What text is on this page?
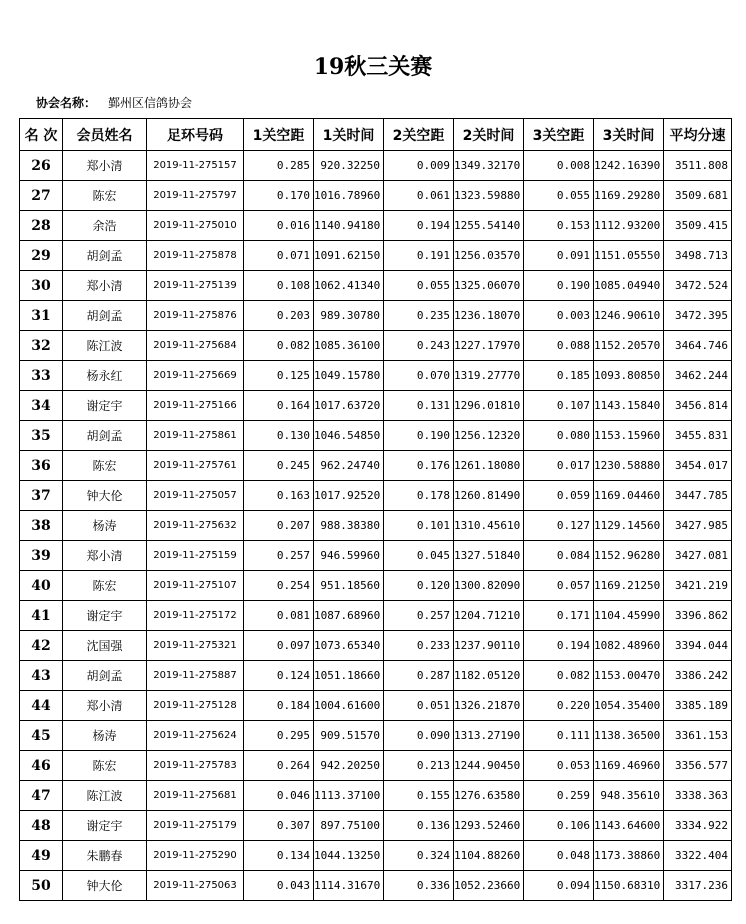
19秋三关赛
协会名称： 鄞州区信鸽协会
名 次	会员姓名	足环号码	1关空距	1关时间	2关空距	2关时间	3关空距	3关时间	平均分速
26	郑小清	2019-11-275157	0.285	920.32250	0.009	1349.32170	0.008	1242.16390	3511.808
27	陈宏	2019-11-275797	0.170	1016.78960	0.061	1323.59880	0.055	1169.29280	3509.681
28	余浩	2019-11-275010	0.016	1140.94180	0.194	1255.54140	0.153	1112.93200	3509.415
29	胡剑孟	2019-11-275878	0.071	1091.62150	0.191	1256.03570	0.091	1151.05550	3498.713
30	郑小清	2019-11-275139	0.108	1062.41340	0.055	1325.06070	0.190	1085.04940	3472.524
31	胡剑孟	2019-11-275876	0.203	989.30780	0.235	1236.18070	0.003	1246.90610	3472.395
32	陈江波	2019-11-275684	0.082	1085.36100	0.243	1227.17970	0.088	1152.20570	3464.746
33	杨永红	2019-11-275669	0.125	1049.15780	0.070	1319.27770	0.185	1093.80850	3462.244
34	谢定宇	2019-11-275166	0.164	1017.63720	0.131	1296.01810	0.107	1143.15840	3456.814
35	胡剑孟	2019-11-275861	0.130	1046.54850	0.190	1256.12320	0.080	1153.15960	3455.831
36	陈宏	2019-11-275761	0.245	962.24740	0.176	1261.18080	0.017	1230.58880	3454.017
37	钟大伦	2019-11-275057	0.163	1017.92520	0.178	1260.81490	0.059	1169.04460	3447.785
38	杨涛	2019-11-275632	0.207	988.38380	0.101	1310.45610	0.127	1129.14560	3427.985
39	郑小清	2019-11-275159	0.257	946.59960	0.045	1327.51840	0.084	1152.96280	3427.081
40	陈宏	2019-11-275107	0.254	951.18560	0.120	1300.82090	0.057	1169.21250	3421.219
41	谢定宇	2019-11-275172	0.081	1087.68960	0.257	1204.71210	0.171	1104.45990	3396.862
42	沈国强	2019-11-275321	0.097	1073.65340	0.233	1237.90110	0.194	1082.48960	3394.044
43	胡剑孟	2019-11-275887	0.124	1051.18660	0.287	1182.05120	0.082	1153.00470	3386.242
44	郑小清	2019-11-275128	0.184	1004.61600	0.051	1326.21870	0.220	1054.35400	3385.189
45	杨涛	2019-11-275624	0.295	909.51570	0.090	1313.27190	0.111	1138.36500	3361.153
46	陈宏	2019-11-275783	0.264	942.20250	0.213	1244.90450	0.053	1169.46960	3356.577
47	陈江波	2019-11-275681	0.046	1113.37100	0.155	1276.63580	0.259	948.35610	3338.363
48	谢定宇	2019-11-275179	0.307	897.75100	0.136	1293.52460	0.106	1143.64600	3334.922
49	朱鹏春	2019-11-275290	0.134	1044.13250	0.324	1104.88260	0.048	1173.38860	3322.404
50	钟大伦	2019-11-275063	0.043	1114.31670	0.336	1052.23660	0.094	1150.68310	3317.236
